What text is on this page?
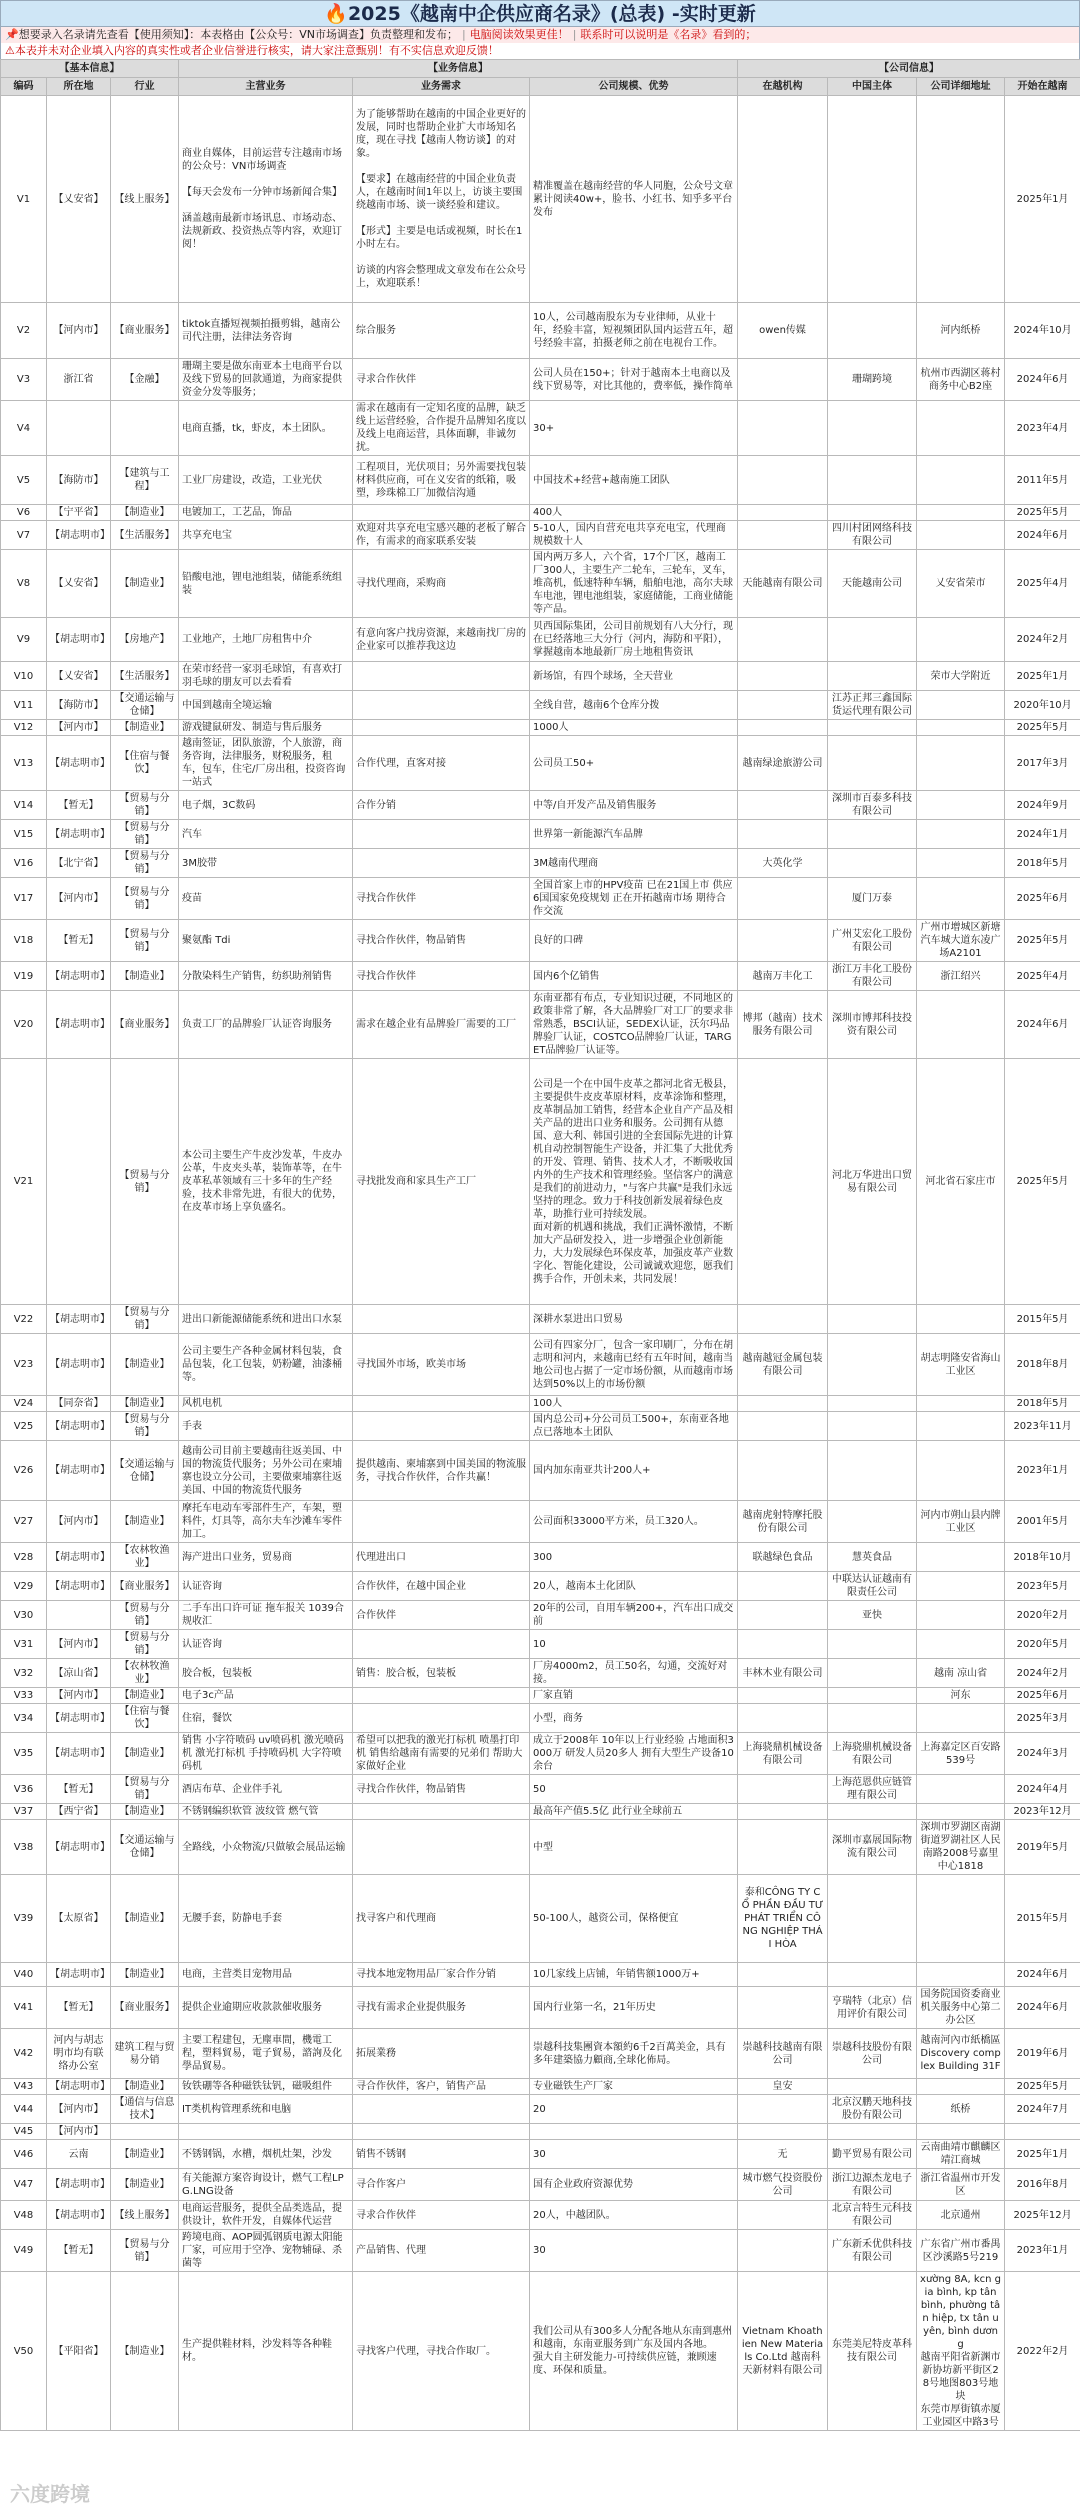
🔥2025《越南中企供应商名录》(总表) -实时更新
📌想要录入名录请先查看【使用须知】：本表格由【公众号：VN市场调查】负责整理和发布； | 电脑阅读效果更佳！ | 联系时可以说明是《名录》看到的；
⚠本表并未对企业填入内容的真实性或者企业信誉进行核实，请大家注意甄别！有不实信息欢迎反馈！
【基本信息】			【业务信息】			【公司信息】			
编码	所在地	行业	主营业务	业务需求	公司规模、优势	在越机构	中国主体	公司详细地址	开始在越南
V1	【乂安省】	【线上服务】	商业自媒体，目前运营专注越南市场的公众号：VN市场调查

【每天会发布一分钟市场新闻合集】

涵盖越南最新市场讯息、市场动态、法规新政、投资热点等内容，欢迎订阅！	为了能够帮助在越南的中国企业更好的发展，同时也帮助企业扩大市场知名度，现在寻找【越南人物访谈】的对象。

【要求】在越南经营的中国企业负责人，在越南时间1年以上，访谈主要围绕越南市场、谈一谈经验和建议。

【形式】主要是电话或视频，时长在1小时左右。

访谈的内容会整理成文章发布在公众号上，欢迎联系！	精准覆盖在越南经营的华人同胞，公众号文章累计阅读40w+，脸书、小红书、知乎多平台发布				2025年1月
V2	【河内市】	【商业服务】	tiktok直播短视频拍摄剪辑，越南公司代注册，法律法务咨询	综合服务	10人，公司越南股东为专业律师，从业十年，经验丰富，短视频团队国内运营五年，超号经验丰富，拍摄老师之前在电视台工作。	owen传媒		河内纸桥	2024年10月
V3	浙江省	【金融】	珊瑚主要是做东南亚本土电商平台以及线下贸易的回款通道，为商家提供资金分发等服务；	寻求合作伙伴	公司人员在150+；针对于越南本土电商以及线下贸易等，对比其他的，费率低，操作简单		珊瑚跨境	杭州市西湖区蒋村商务中心B2座	2024年6月
V4			电商直播，tk，虾皮，本土团队。	需求在越南有一定知名度的品牌，缺乏线上运营经验，合作提升品牌知名度以及线上电商运营，具体面聊，非诚勿扰。	30+				2023年4月
V5	【海防市】	【建筑与工程】	工业厂房建设，改造，工业光伏	工程项目，光伏项目；另外需要找包装材料供应商，可在义安省的纸箱，吸塑，珍珠棉工厂加微信沟通	中国技术+经营+越南施工团队				2011年5月
V6	【宁平省】	【制造业】	电镀加工，工艺品，饰品		400人				2025年5月
V7	【胡志明市】	【生活服务】	共享充电宝	欢迎对共享充电宝感兴趣的老板了解合作，有需求的商家联系安装	5-10人，国内自营充电共享充电宝，代理商规模数十人		四川村团网络科技有限公司		2024年6月
V8	【乂安省】	【制造业】	铅酸电池，锂电池组装，储能系统组装	寻找代理商，采购商	国内两万多人，六个省，17个厂区，越南工厂300人，主要生产二轮车，三轮车，叉车，堆高机，低速特种车辆，船舶电池，高尔夫球车电池，锂电池组装，家庭储能，工商业储能等产品。	天能越南有限公司	天能越南公司	乂安省荣市	2025年4月
V9	【胡志明市】	【房地产】	工业地产，土地厂房租售中介	有意向客户找房资源，来越南找厂房的企业家可以推荐我这边	贝西国际集团，公司目前规划有八大分行，现在已经落地三大分行（河内，海防和平阳），掌握越南本地最新厂房土地租售资讯				2024年2月
V10	【乂安省】	【生活服务】	在荣市经营一家羽毛球馆，有喜欢打羽毛球的朋友可以去看看		新场馆，有四个球场，全天营业			荣市大学附近	2025年1月
V11	【海防市】	【交通运输与仓储】	中国到越南全境运输		全线自营，越南6个仓库分拨		江苏正邦三鑫国际货运代理有限公司		2020年10月
V12	【河内市】	【制造业】	游戏键鼠研发、制造与售后服务		1000人				2025年5月
V13	【胡志明市】	【住宿与餐饮】	越南签证，团队旅游，个人旅游，商务咨询，法律服务，财税服务，租车，包车，住宅/厂房出租，投资咨询一站式	合作代理，直客对接	公司员工50+	越南绿途旅游公司			2017年3月
V14	【暂无】	【贸易与分销】	电子烟，3C数码	合作分销	中等/自开发产品及销售服务		深圳市百泰多科技有限公司		2024年9月
V15	【胡志明市】	【贸易与分销】	汽车		世界第一新能源汽车品牌				2024年1月
V16	【北宁省】	【贸易与分销】	3M胶带		3M越南代理商	大英化学			2018年5月
V17	【河内市】	【贸易与分销】	疫苗	寻找合作伙伴	全国首家上市的HPV疫苗 已在21国上市 供应6国国家免疫规划 正在开拓越南市场 期待合作交流		厦门万泰		2025年6月
V18	【暂无】	【贸易与分销】	聚氨酯 Tdi	寻找合作伙伴，物品销售	良好的口碑		广州艾宏化工股份有限公司	广州市增城区新塘汽车城大道东凌广场A2101	2025年5月
V19	【胡志明市】	【制造业】	分散染料生产销售，纺织助剂销售	寻找合作伙伴	国内6个亿销售	越南万丰化工	浙江万丰化工股份有限公司	浙江绍兴	2025年4月
V20	【胡志明市】	【商业服务】	负责工厂的品牌验厂认证咨询服务	需求在越企业有品牌验厂需要的工厂	东南亚都有布点，专业知识过硬，不同地区的政策非常了解，各大品牌验厂对工厂的要求非常熟悉，BSCI认证，SEDEX认证，沃尔玛品牌验厂认证，COSTCO品牌验厂认证，TARGET品牌验厂认证等。	博邦（越南）技术服务有限公司	深圳市博邦科技投资有限公司		2024年6月
V21		【贸易与分销】	本公司主要生产牛皮沙发革，牛皮办公革，牛皮夹头革，装饰革等，在牛皮革私革领域有三十多年的生产经验，技术非常先进，有很大的优势，在皮革市场上享负盛名。	寻找批发商和家具生产工厂	公司是一个在中国牛皮革之都河北省无极县，主要提供牛皮皮革原材料，皮革涂饰和整理，皮革制品加工销售，经营本企业自产产品及相关产品的进出口业务和服务。公司拥有从德国、意大利、韩国引进的全套国际先进的计算机自动控制智能生产设备，并汇集了大批优秀的开发、管理、销售、技术人才，不断吸收国内外的生产技术和管理经验。坚信客户的满意是我们的前进动力，"与客户共赢"是我们永远坚持的理念。致力于科技创新发展着绿色皮革，助推行业可持续发展。
面对新的机遇和挑战，我们正满怀激情，不断加大产品研发投入，进一步增强企业创新能力，大力发展绿色环保皮革，加强皮革产业数字化、智能化建设，公司诚诚欢迎您，愿我们携手合作，开创未来，共同发展！		河北万华进出口贸易有限公司	河北省石家庄市	2025年5月
V22	【胡志明市】	【贸易与分销】	进出口新能源储能系统和进出口水泵		深耕水泵进出口贸易				2015年5月
V23	【胡志明市】	【制造业】	公司主要生产各种金属材料包装，食品包装，化工包装，奶粉罐，油漆桶等。	寻找国外市场，欧美市场	公司有四家分厂，包含一家印刷厂，分布在胡志明和河内，来越南已经有五年时间，越南当地公司也占据了一定市场份额，从而越南市场达到50%以上的市场份额	越南越冠金属包装有限公司		胡志明隆安省海山工业区	2018年8月
V24	【同奈省】	【制造业】	风机电机		100人				2018年5月
V25	【胡志明市】	【贸易与分销】	手表		国内总公司+分公司员工500+，东南亚各地点已落地本土团队				2023年11月
V26	【胡志明市】	【交通运输与仓储】	越南公司目前主要越南往返美国、中国的物流货代服务；另外公司在柬埔寨也设立分公司，主要做柬埔寨往返美国、中国的物流货代服务	提供越南、柬埔寨到中国美国的物流服务，寻找合作伙伴，合作共赢！	国内加东南亚共计200人+				2023年1月
V27	【河内市】	【制造业】	摩托车电动车零部件生产，车架，塑料件，灯具等，高尔夫车沙滩车零件加工。		公司面积33000平方米，员工320人。	越南虎射特摩托股份有限公司		河内市朔山县内牌工业区	2001年5月
V28	【胡志明市】	【农林牧渔业】	海产进出口业务，贸易商	代理进出口	300	联越绿色食品	慧英食品		2018年10月
V29	【胡志明市】	【商业服务】	认证咨询	合作伙伴，在越中国企业	20人，越南本土化团队		中联达认证越南有限责任公司		2023年5月
V30		【贸易与分销】	二手车出口许可证 拖车报关 1039合规收汇	合作伙伴	20年的公司，自用车辆200+，汽车出口成交前		亚快		2020年2月
V31	【河内市】	【贸易与分销】	认证咨询		10				2020年5月
V32	【凉山省】	【农林牧渔业】	胶合板，包装板	销售：胶合板，包装板	厂房4000m2，员工50名，勾通，交流好对接。	丰林木业有限公司		越南 凉山省	2024年2月
V33	【河内市】	【制造业】	电子3c产品		厂家直销			河东	2025年6月
V34	【胡志明市】	【住宿与餐饮】	住宿，餐饮		小型，商务				2025年3月
V35	【胡志明市】	【制造业】	销售 小字符喷码 uv喷码机 激光喷码机 激光打标机 手持喷码机 大字符喷码机	希望可以把我的激光打标机 喷墨打印机 销售给越南有需要的兄弟们 帮助大家做好企业	成立于2008年 10年以上行业经验 占地面积3000万 研发人员20多人 拥有大型生产设备10余台	上海骁鼎机械设备有限公司	上海骁鼎机械设备有限公司	上海嘉定区百安路539号	2024年3月
V36	【暂无】	【贸易与分销】	酒店布草、企业伴手礼	寻找合作伙伴，物品销售	50		上海范恩供应链管理有限公司		2024年4月
V37	【西宁省】	【制造业】	不锈钢编织软管 波纹管 燃气管		最高年产值5.5亿 此行业全球前五				2023年12月
V38	【胡志明市】	【交通运输与仓储】	全路线，小众物流/只做敏会展品运输		中型		深圳市嘉展国际物流有限公司	深圳市罗湖区南湖街道罗湖社区人民南路2008号嘉里中心1818	2019年5月
V39	【太原省】	【制造业】	无腰手套，防静电手套	找寻客户和代理商	50-100人，越资公司，保格便宜	泰和CÔNG TY CỔ PHẦN ĐẦU TƯ PHÁT TRIỂN CÔNG NGHIỆP THÁI HÒA			2015年5月
V40	【胡志明市】	【制造业】	电商，主营类目宠物用品	寻找本地宠物用品厂家合作分销	10几家线上店铺，年销售额1000万+				2024年6月
V41	【暂无】	【商业服务】	提供企业逾期应收款款催收服务	寻找有需求企业提供服务	国内行业第一名，21年历史		亨瑞特（北京）信用评价有限公司	国务院国资委商业机关服务中心第二办公区	2024年6月
V42	河内与胡志明市均有联络办公室	建筑工程与贸易分销	主要工程建包，无塵車間，機電工程，塑料貿易，電子貿易，諮詢及化學品貿易。	拓展業務	崇越科技集團資本額約6千2百萬美金，具有多年建築協力顧商,全球化佈局。	崇越科技越南有限公司	崇越科技股份有限公司	越南河內市紙橋區Discovery complex Building 31F	2019年6月
V43	【胡志明市】	【制造业】	钕铁硼等各种磁铁钛钒，磁吸组件	寻合作伙伴，客户，销售产品	专业磁铁生产厂家	皇安			2025年5月
V44	【河内市】	【通信与信息技术】	IT类机构管理系统和电脑		20		北京汉鹏天地科技股份有限公司	纸桥	2024年7月
V45	【河内市】								
V46	云南	【制造业】	不锈钢锅，水槽，烟机灶架，沙发	销售不锈钢	30	无	勤平贸易有限公司	云南曲靖市麒麟区靖江商城	2025年1月
V47	【胡志明市】	【制造业】	有关能源方案咨询设计，燃气工程LPG.LNG设备	寻合作客户	国有企业政府资源优势	城市燃气投资股份公司	浙江边源杰龙电子有限公司	浙江省温州市开发区	2016年8月
V48	【胡志明市】	【线上服务】	电商运营服务，提供全品类选品，提供设计，软件开发，自媒体代运营	寻求合作伙伴	20人，中越团队。		北京言特生元科技有限公司	北京通州	2025年12月
V49	【暂无】	【贸易与分销】	跨境电商、AOP圆弧钢质电源太阳能厂家，可应用于空净、宠物辅碌、杀菌等	产品销售、代理	30		广东新禾优供科技有限公司	广东省广州市番禺区沙溪路5号219	2023年1月
V50	【平阳省】	【制造业】	生产提供鞋材料，沙发料等各种鞋材。	寻找客户代理，寻找合作取厂。	我们公司从有300多人分配各地从东南到惠州和越南，东南亚服务到广东及国内各地。
强大自主研发能力-可持续供应链，兼顾速度、环保和质量。	Vietnam Khoathien New Materials Co.Ltd 越南科天新材料有限公司	东莞美尼特皮革科技有限公司	xường 8A, kcn gia bình, kp tân bình, phường tân hiệp, tx tân uyên, bình dương
越南平阳省新渊市新协坊新平街区28号地图803号地块
东莞市厚街镇赤厦工业园区中路3号	2022年2月
六度跨境
